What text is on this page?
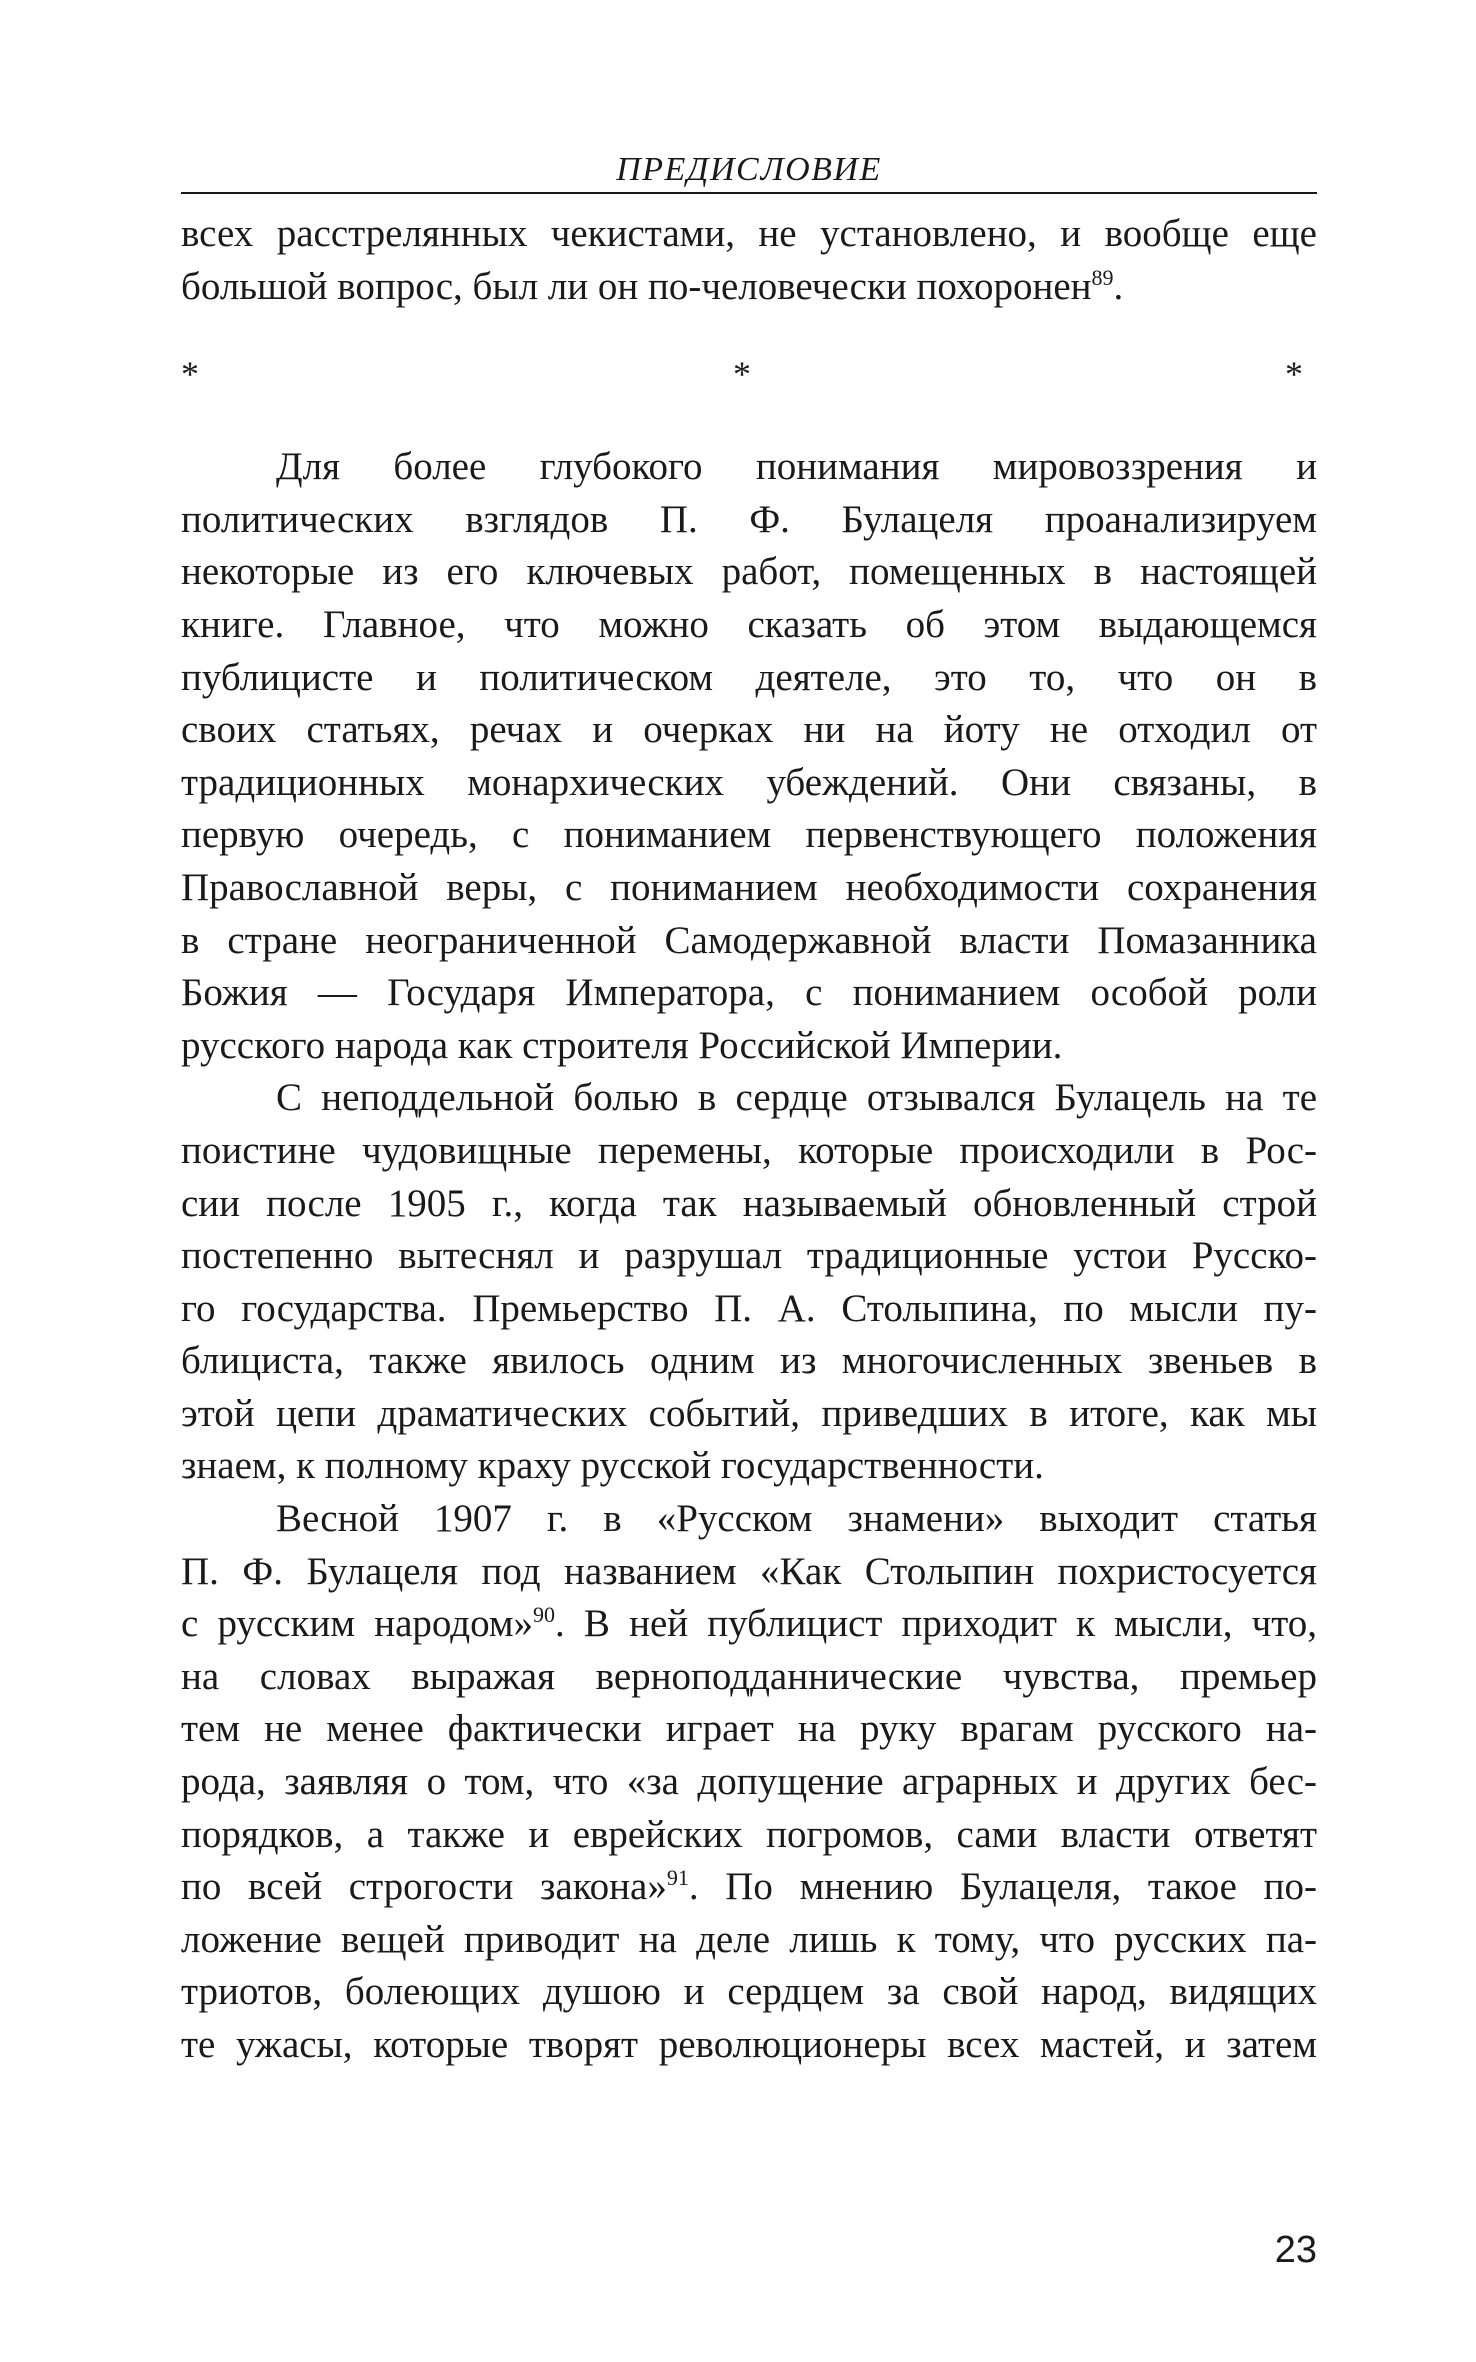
ПРЕДИСЛОВИЕ

всех расстрелянных чекистами, не установлено, и вообще еще
большой вопрос, был ли он по-человечески похоронен$^{89}$.

* * *

Для более глубокого понимания мировоззрения и
политических взглядов П. Ф. Булацеля проанализируем
некоторые из его ключевых работ, помещенных в настоящей
книге. Главное, что можно сказать об этом выдающемся
публицисте и политическом деятеле, это то, что он в
своих статьях, речах и очерках ни на йоту не отходил от
традиционных монархических убеждений. Они связаны, в
первую очередь, с пониманием первенствующего положения
Православной веры, с пониманием необходимости сохранения
в стране неограниченной Самодержавной власти Помазанника
Божия — Государя Императора, с пониманием особой роли
русского народа как строителя Российской Империи.

С неподдельной болью в сердце отзывался Булацель на те
поистине чудовищные перемены, которые происходили в Рос-
сии после 1905 г., когда так называемый обновленный строй
постепенно вытеснял и разрушал традиционные устои Русско-
го государства. Премьерство П. А. Столыпина, по мысли пу-
блициста, также явилось одним из многочисленных звеньев в
этой цепи драматических событий, приведших в итоге, как мы
знаем, к полному краху русской государственности.

Весной 1907 г. в «Русском знамени» выходит статья
П. Ф. Булацеля под названием «Как Столыпин похристосуется
с русским народом»$^{90}$. В ней публицист приходит к мысли, что,
на словах выражая верноподданнические чувства, премьер
тем не менее фактически играет на руку врагам русского на-
рода, заявляя о том, что «за допущение аграрных и других бес-
порядков, а также и еврейских погромов, сами власти ответят
по всей строгости закона»$^{91}$. По мнению Булацеля, такое по-
ложение вещей приводит на деле лишь к тому, что русских па-
триотов, болеющих душою и сердцем за свой народ, видящих
те ужасы, которые творят революционеры всех мастей, и затем

23
